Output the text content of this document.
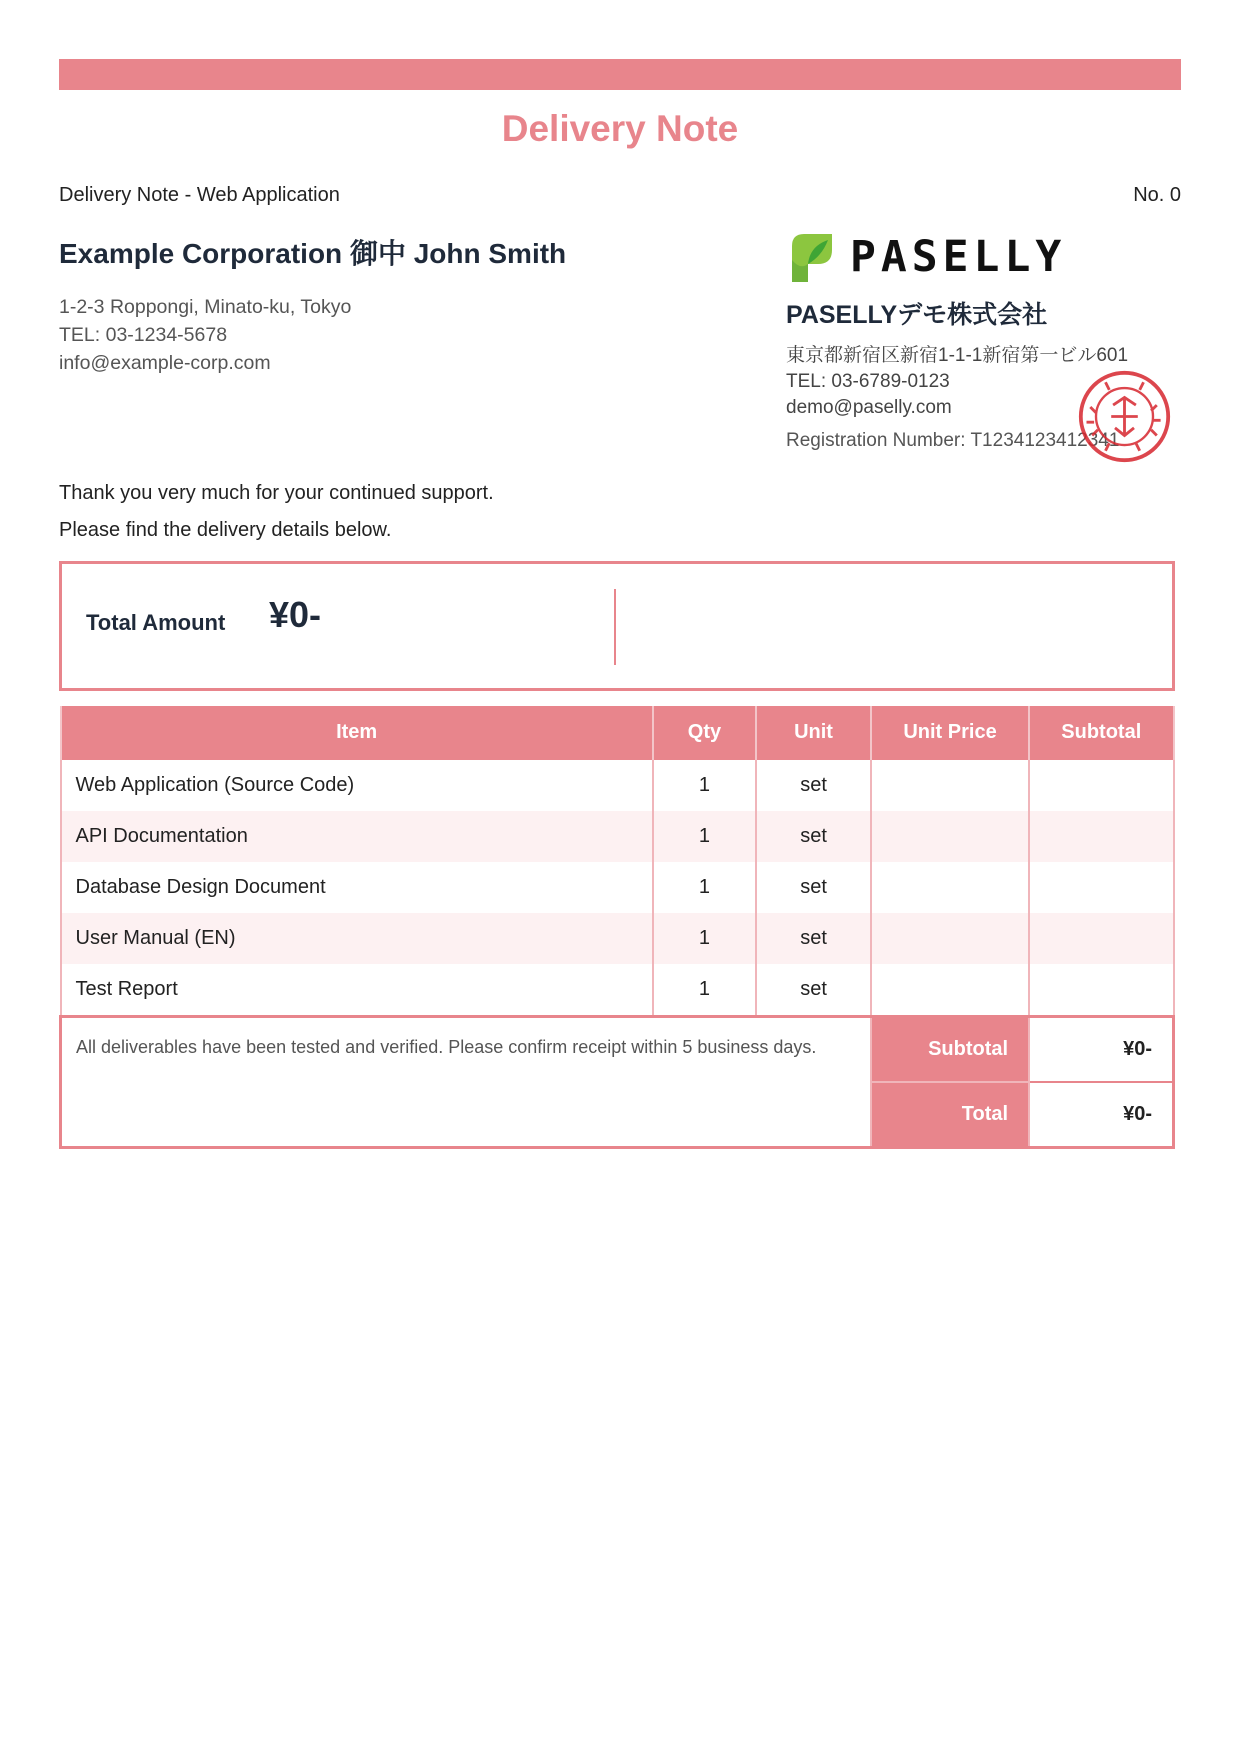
Delivery Note
Delivery Note - Web Application	No. 0
Example Corporation 御中 John Smith
1-2-3 Roppongi, Minato-ku, Tokyo
TEL: 03-1234-5678
info@example-corp.com
PASELLY
PASELLYデモ株式会社
東京都新宿区新宿1-1-1新宿第一ビル601
TEL: 03-6789-0123
demo@paselly.com
Registration Number: T1234123412341
Thank you very much for your continued support.
Please find the delivery details below.
Total Amount ¥0-
Item	Qty	Unit	Unit Price	Subtotal
Web Application (Source Code)	1	set		
API Documentation	1	set		
Database Design Document	1	set		
User Manual (EN)	1	set		
Test Report	1	set		
All deliverables have been tested and verified. Please confirm receipt within 5 business days.			Subtotal	¥0-
			Total	¥0-
